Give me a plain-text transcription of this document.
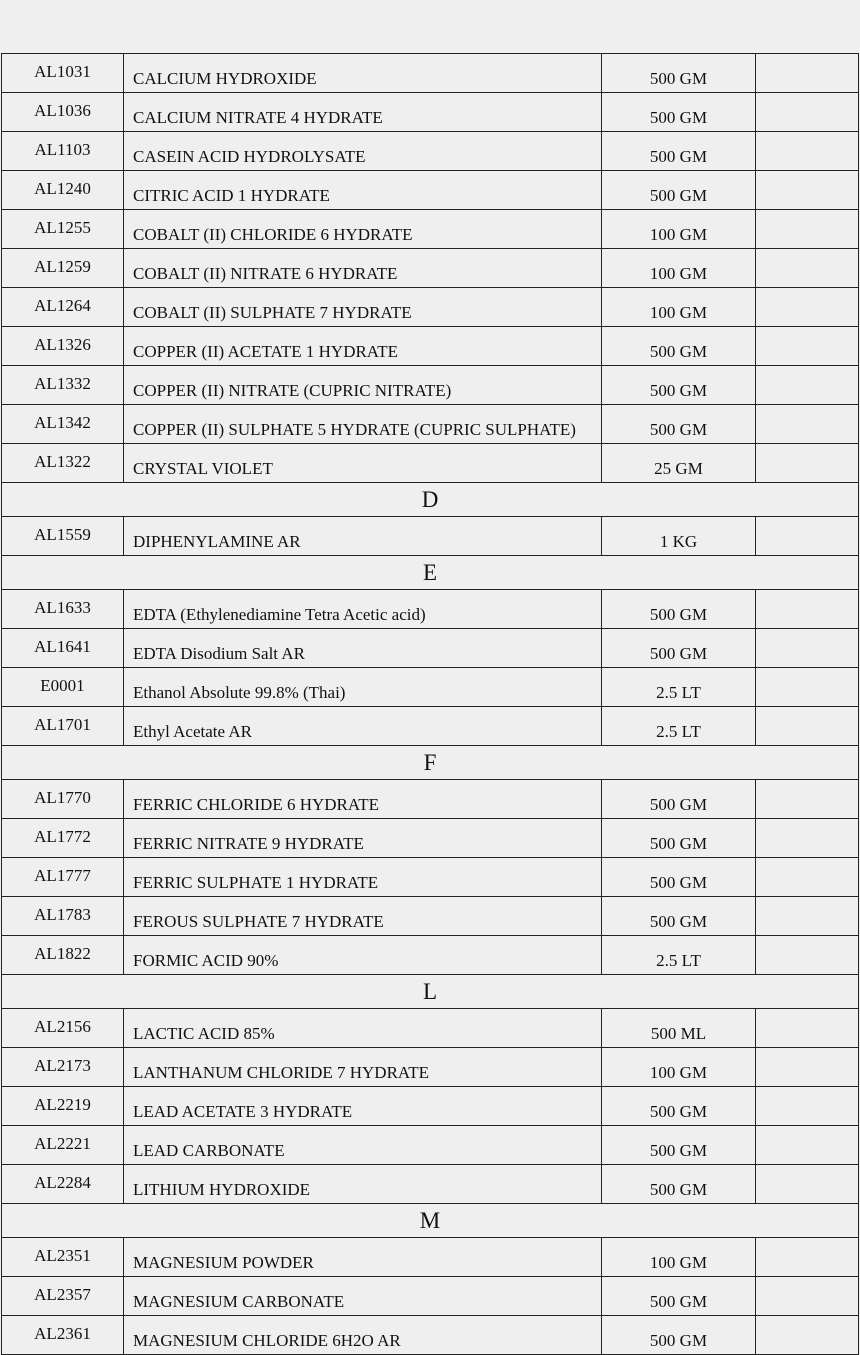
AL1031	CALCIUM HYDROXIDE	500 GM	
AL1036	CALCIUM NITRATE 4 HYDRATE	500 GM	
AL1103	CASEIN ACID HYDROLYSATE	500 GM	
AL1240	CITRIC ACID 1 HYDRATE	500 GM	
AL1255	COBALT (II) CHLORIDE 6 HYDRATE	100 GM	
AL1259	COBALT (II) NITRATE 6 HYDRATE	100 GM	
AL1264	COBALT (II) SULPHATE 7 HYDRATE	100 GM	
AL1326	COPPER (II) ACETATE 1 HYDRATE	500 GM	
AL1332	COPPER (II) NITRATE (CUPRIC NITRATE)	500 GM	
AL1342	COPPER (II) SULPHATE 5 HYDRATE (CUPRIC SULPHATE)	500 GM	
AL1322	CRYSTAL VIOLET	25 GM	
D			
AL1559	DIPHENYLAMINE AR	1 KG	
E			
AL1633	EDTA (Ethylenediamine Tetra Acetic acid)	500 GM	
AL1641	EDTA Disodium Salt AR	500 GM	
E0001	Ethanol Absolute 99.8% (Thai)	2.5 LT	
AL1701	Ethyl Acetate AR	2.5 LT	
F			
AL1770	FERRIC CHLORIDE 6 HYDRATE	500 GM	
AL1772	FERRIC NITRATE 9 HYDRATE	500 GM	
AL1777	FERRIC SULPHATE 1 HYDRATE	500 GM	
AL1783	FEROUS SULPHATE 7 HYDRATE	500 GM	
AL1822	FORMIC ACID 90%	2.5 LT	
L			
AL2156	LACTIC ACID 85%	500 ML	
AL2173	LANTHANUM CHLORIDE 7 HYDRATE	100 GM	
AL2219	LEAD ACETATE 3 HYDRATE	500 GM	
AL2221	LEAD CARBONATE	500 GM	
AL2284	LITHIUM HYDROXIDE	500 GM	
M			
AL2351	MAGNESIUM POWDER	100 GM	
AL2357	MAGNESIUM CARBONATE	500 GM	
AL2361	MAGNESIUM CHLORIDE 6H2O AR	500 GM	
